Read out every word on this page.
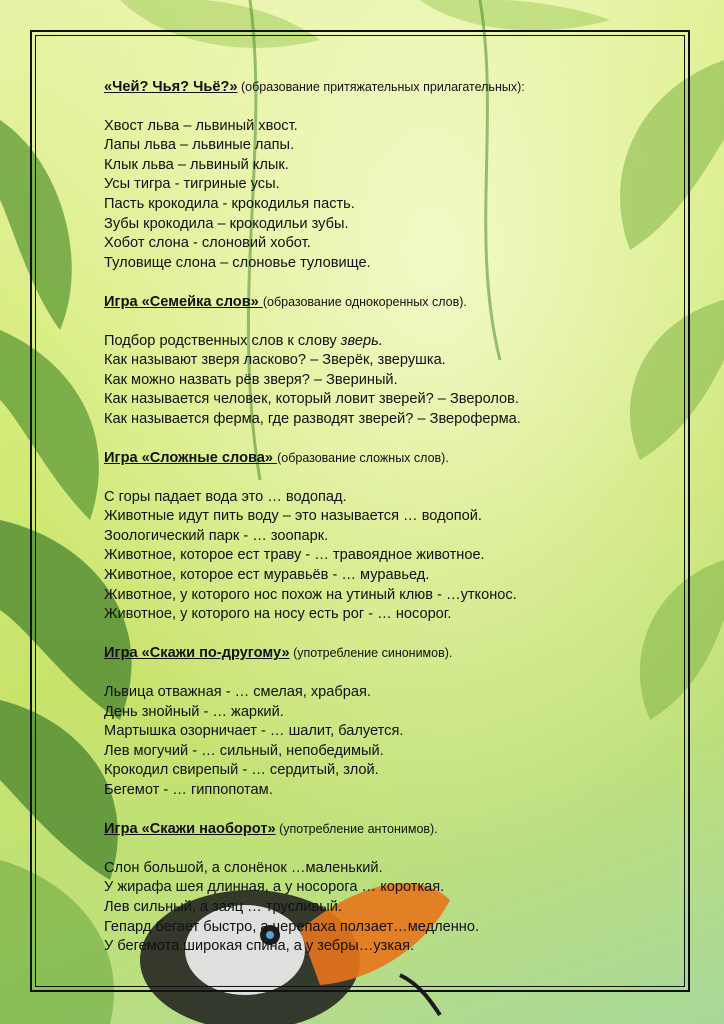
«Чей? Чья? Чьё?» (образование притяжательных прилагательных):
Хвост льва – львиный хвост.
Лапы льва – львиные лапы.
Клык льва – львиный клык.
Усы тигра - тигриные усы.
Пасть крокодила - крокодилья пасть.
Зубы крокодила – крокодильи зубы.
Хобот слона - слоновий хобот.
Туловище слона – слоновье туловище.
Игра «Семейка слов» (образование однокоренных слов).
Подбор родственных слов к слову зверь.
Как называют зверя ласково? – Зверёк, зверушка.
Как можно назвать рёв зверя? – Звериный.
Как называется человек, который ловит зверей? – Зверолов.
Как называется ферма, где разводят зверей? – Звероферма.
Игра «Сложные слова» (образование сложных слов).
С горы падает вода это … водопад.
Животные идут пить воду – это называется … водопой.
Зоологический парк - … зоопарк.
Животное, которое ест траву - … травоядное животное.
Животное, которое ест муравьёв - … муравьед.
Животное, у которого нос похож на утиный клюв - …утконос.
Животное, у которого на носу есть рог - … носорог.
Игра «Скажи по-другому» (употребление синонимов).
Львица отважная - … смелая, храбрая.
День знойный - … жаркий.
Мартышка озорничает - … шалит, балуется.
Лев могучий - … сильный, непобедимый.
Крокодил свирепый - … сердитый, злой.
Бегемот - … гиппопотам.
Игра «Скажи наоборот» (употребление антонимов).
Слон большой, а слонёнок …маленький.
У жирафа шея длинная, а у носорога … короткая.
Лев сильный, а заяц … трусливый.
Гепард бегает быстро, а черепаха ползает…медленно.
У бегемота широкая спина, а у зебры…узкая.
